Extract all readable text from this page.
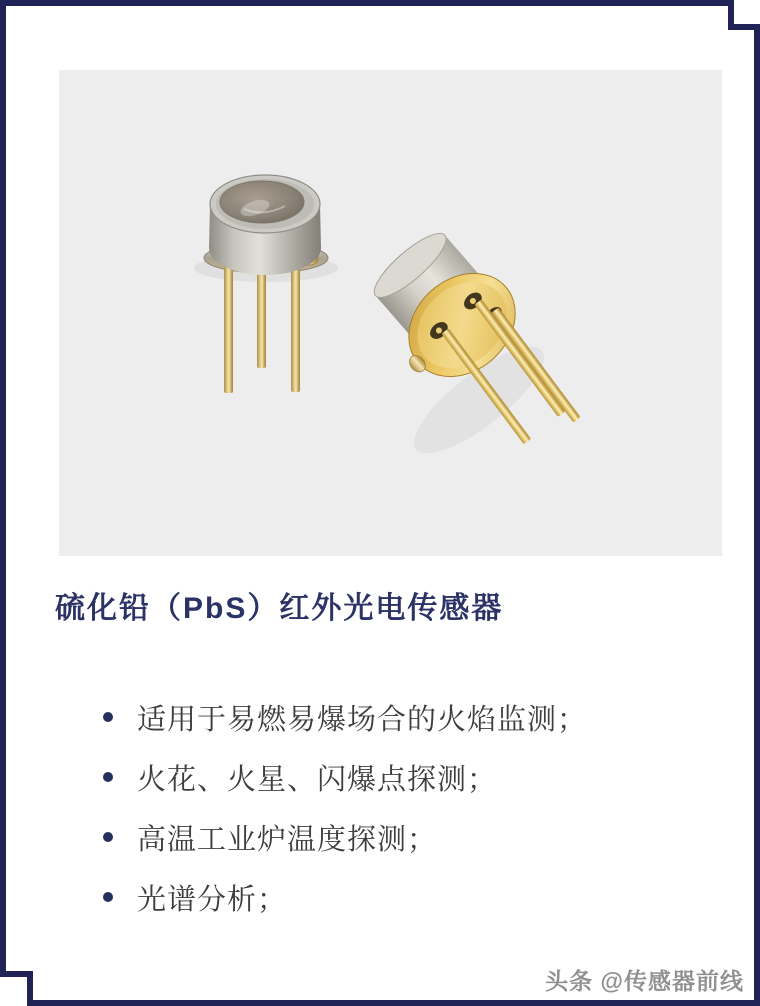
硫化铅（PbS）红外光电传感器
适用于易燃易爆场合的火焰监测；
火花、火星、闪爆点探测；
高温工业炉温度探测；
光谱分析；
头条 @传感器前线
